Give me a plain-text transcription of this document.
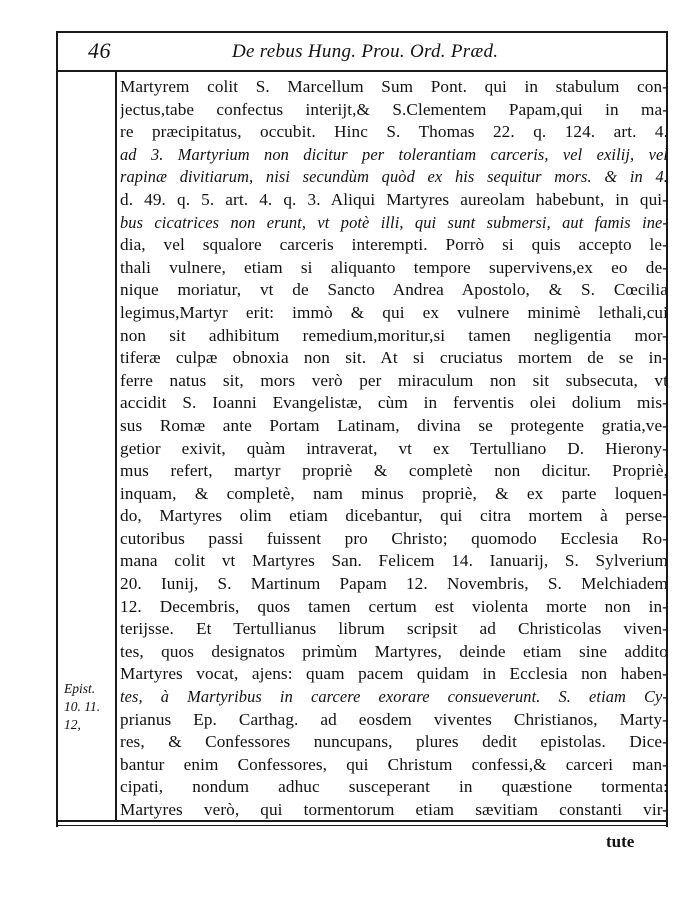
46	De rebus Hung. Prou. Ord. Præd.
Martyrem colit S. Marcellum Sum Pont. qui in stabulum con-
jectus,tabe confectus interijt,& S.Clementem Papam,qui in ma-
re præcipitatus, occubit. Hinc S. Thomas 22. q. 124. art. 4.
ad 3. Martyrium non dicitur per tolerantiam carceris, vel exilij, vel
rapinæ divitiarum, nisi secundùm quòd ex his sequitur mors. & in 4.
d. 49. q. 5. art. 4. q. 3. Aliqui Martyres aureolam habebunt, in qui-
bus cicatrices non erunt, vt potè illi, qui sunt submersi, aut famis ine-
dia, vel squalore carceris interempti. Porrò si quis accepto le-
thali vulnere, etiam si aliquanto tempore supervivens,ex eo de-
nique moriatur, vt de Sancto Andrea Apostolo, & S. Cœcilia
legimus,Martyr erit: immò & qui ex vulnere minimè lethali,cui
non sit adhibitum remedium,moritur,si tamen negligentia mor-
tiferæ culpæ obnoxia non sit. At si cruciatus mortem de se in-
ferre natus sit, mors verò per miraculum non sit subsecuta, vt
accidit S. Ioanni Evangelistæ, cùm in ferventis olei dolium mis-
sus Romæ ante Portam Latinam, divina se protegente gratia,ve-
getior exivit, quàm intraverat, vt ex Tertulliano D. Hierony-
mus refert, martyr propriè & completè non dicitur. Propriè,
inquam, & completè, nam minus propriè, & ex parte loquen-
do, Martyres olim etiam dicebantur, qui citra mortem à perse-
cutoribus passi fuissent pro Christo; quomodo Ecclesia Ro-
mana colit vt Martyres San. Felicem 14. Ianuarij, S. Sylverium
20. Iunij, S. Martinum Papam 12. Novembris, S. Melchiadem
12. Decembris, quos tamen certum est violenta morte non in-
terijsse. Et Tertullianus librum scripsit ad Christicolas viven-
tes, quos designatos primùm Martyres, deinde etiam sine addito
Martyres vocat, ajens: quam pacem quidam in Ecclesia non haben-
tes, à Martyribus in carcere exorare consueverunt. S. etiam Cy-
prianus Ep. Carthag. ad eosdem viventes Christianos, Marty-
res, & Confessores nuncupans, plures dedit epistolas. Dice-
bantur enim Confessores, qui Christum confessi,& carceri man-
cipati, nondum adhuc susceperant in quæstione tormenta:
Martyres verò, qui tormentorum etiam sævitiam constanti vir-
Epist.
10. 11.
12,
tute
